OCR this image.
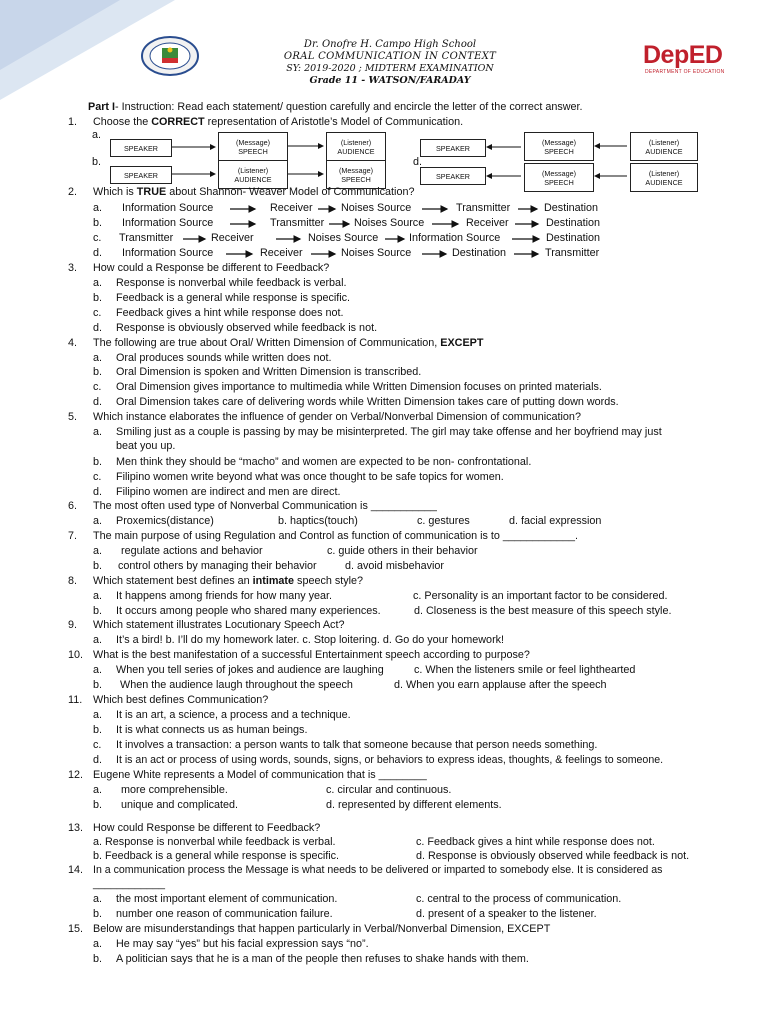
Dr. Onofre H. Campo High School
ORAL COMMUNICATION IN CONTEXT
SY: 2019-2020 ; MIDTERM EXAMINATION
Grade 11 - WATSON/FARADAY
DepED
DEPARTMENT OF EDUCATION
Part I- Instruction: Read each statement/ question carefully and encircle the letter of the correct answer.
1. Choose the CORRECT representation of Aristotle’s Model of Communication.
a.
b.	d.
SPEAKER
(Message)
SPEECH
(Listener)
AUDIENCE
SPEAKER
(Listener)
AUDIENCE
(Message)
SPEECH
SPEAKER
(Message)
SPEECH
(Listener)
AUDIENCE
SPEAKER	(Message)
SPEECH
(Listener)
AUDIENCE
2. Which is TRUE about Shannon- Weaver Model of Communication?
a. Information Source	Receiver	Noises Source	Transmitter	Destination
b. Information Source	Transmitter	Noises Source	Receiver	Destination
c. Transmitter	Receiver	Noises Source	Information Source	Destination
d. Information Source	Receiver	Noises Source	Destination	Transmitter
3. How could a Response be different to Feedback?
a. Response is nonverbal while feedback is verbal.
b. Feedback is a general while response is specific.
c. Feedback gives a hint while response does not.
d. Response is obviously observed while feedback is not.
4. The following are true about Oral/ Written Dimension of Communication, EXCEPT
a. Oral produces sounds while written does not.
b. Oral Dimension is spoken and Written Dimension is transcribed.
c. Oral Dimension gives importance to multimedia while Written Dimension focuses on printed materials.
d. Oral Dimension takes care of delivering words while Written Dimension takes care of putting down words.
5. Which instance elaborates the influence of gender on Verbal/Nonverbal Dimension of communication?
a. Smiling just as a couple is passing by may be misinterpreted. The girl may take offense and her boyfriend may just
beat you up.
b. Men think they should be “macho” and women are expected to be non- confrontational.
c. Filipino women write beyond what was once thought to be safe topics for women.
d. Filipino women are indirect and men are direct.
6. The most often used type of Nonverbal Communication is ___________
a. Proxemics(distance)	b. haptics(touch)	c. gestures	d. facial expression
7. The main purpose of using Regulation and Control as function of communication is to ____________.
a. regulate actions and behavior	c. guide others in their behavior
b. control others by managing their behavior	d. avoid misbehavior
8. Which statement best defines an intimate speech style?
a. It happens among friends for how many year.	c. Personality is an important factor to be considered.
b. It occurs among people who shared many experiences.	d. Closeness is the best measure of this speech style.
9. Which statement illustrates Locutionary Speech Act?
a. It’s a bird! b. I’ll do my homework later. c. Stop loitering. d. Go do your homework!
10. What is the best manifestation of a successful Entertainment speech according to purpose?
a. When you tell series of jokes and audience are laughing	c. When the listeners smile or feel lighthearted
b. When the audience laugh throughout the speech	d. When you earn applause after the speech
11. Which best defines Communication?
a. It is an art, a science, a process and a technique.
b. It is what connects us as human beings.
c. It involves a transaction: a person wants to talk that someone because that person needs something.
d. It is an act or process of using words, sounds, signs, or behaviors to express ideas, thoughts, & feelings to someone.
12. Eugene White represents a Model of communication that is ________
a. more comprehensible.	c. circular and continuous.
b. unique and complicated.	d. represented by different elements.
13. How could Response be different to Feedback?
a. Response is nonverbal while feedback is verbal.	c. Feedback gives a hint while response does not.
b. Feedback is a general while response is specific.	d. Response is obviously observed while feedback is not.
14. In a communication process the Message is what needs to be delivered or imparted to somebody else. It is considered as
____________
a. the most important element of communication.	c. central to the process of communication.
b. number one reason of communication failure.	d. present of a speaker to the listener.
15. Below are misunderstandings that happen particularly in Verbal/Nonverbal Dimension, EXCEPT
a. He may say “yes” but his facial expression says “no”.
b. A politician says that he is a man of the people then refuses to shake hands with them.
